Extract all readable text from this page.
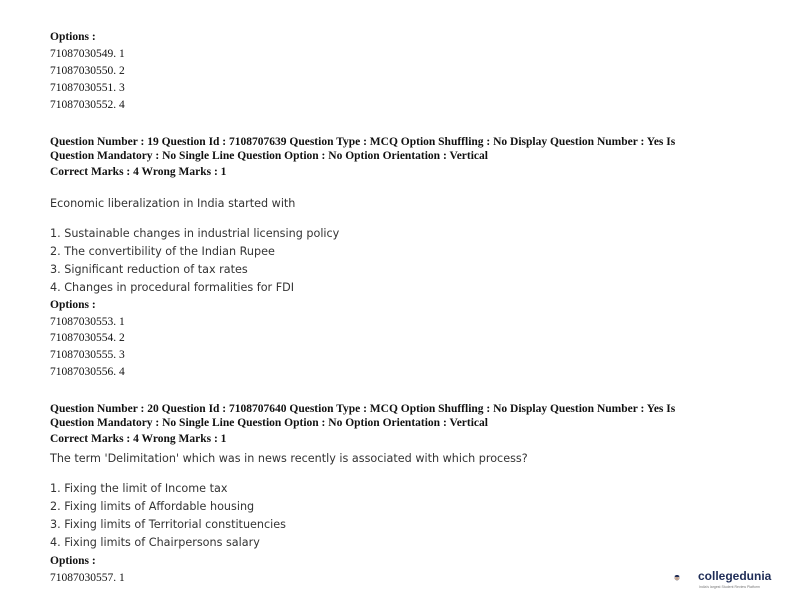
Options :
71087030549. 1
71087030550. 2
71087030551. 3
71087030552. 4
Question Number : 19 Question Id : 7108707639 Question Type : MCQ Option Shuffling : No Display Question Number : Yes Is
Question Mandatory : No Single Line Question Option : No Option Orientation : Vertical
Correct Marks : 4 Wrong Marks : 1
Economic liberalization in India started with
1. Sustainable changes in industrial licensing policy
2. The convertibility of the Indian Rupee
3. Significant reduction of tax rates
4. Changes in procedural formalities for FDI
Options :
71087030553. 1
71087030554. 2
71087030555. 3
71087030556. 4
Question Number : 20 Question Id : 7108707640 Question Type : MCQ Option Shuffling : No Display Question Number : Yes Is
Question Mandatory : No Single Line Question Option : No Option Orientation : Vertical
Correct Marks : 4 Wrong Marks : 1
The term 'Delimitation' which was in news recently is associated with which process?
1. Fixing the limit of Income tax
2. Fixing limits of Affordable housing
3. Fixing limits of Territorial constituencies
4. Fixing limits of Chairpersons salary
Options :
71087030557. 1	collegedunia
India's largest Student Review Platform
